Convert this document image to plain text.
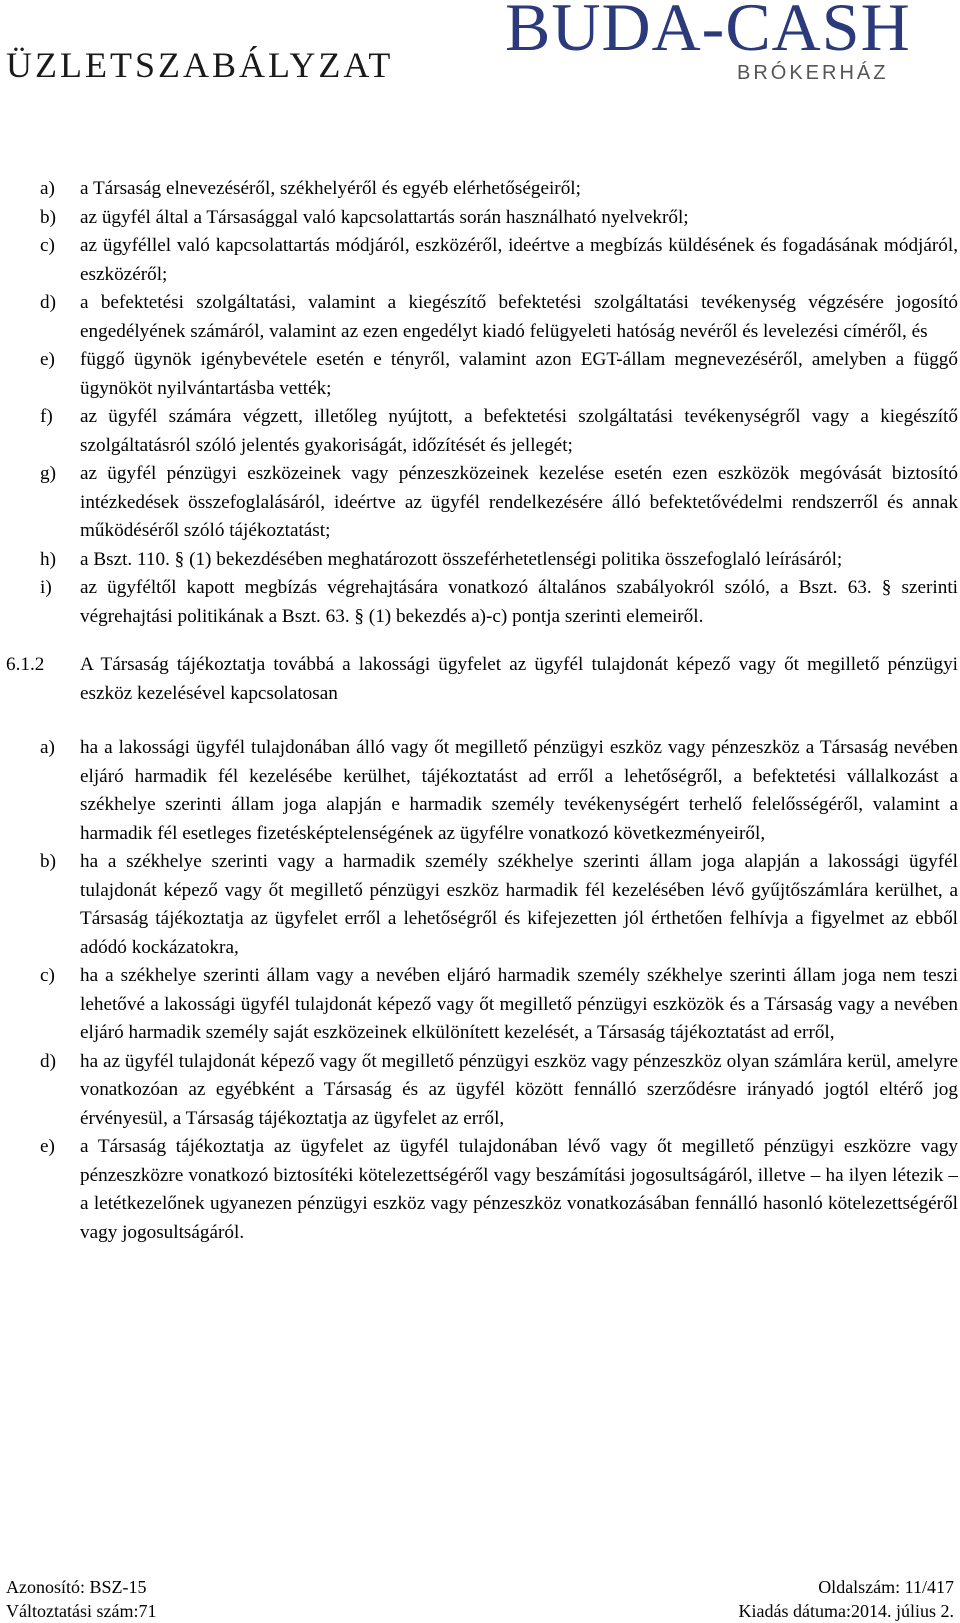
ÜZLETSZABÁLYZAT BUDA-CASH
BRÓKERHÁZ
a) a Társaság elnevezéséről, székhelyéről és egyéb elérhetőségeiről;
b) az ügyfél által a Társasággal való kapcsolattartás során használható nyelvekről;
c) az ügyféllel való kapcsolattartás módjáról, eszközéről, ideértve a megbízás küldésének és fogadásának módjáról, eszközéről;
d) a befektetési szolgáltatási, valamint a kiegészítő befektetési szolgáltatási tevékenység végzésére jogosító engedélyének számáról, valamint az ezen engedélyt kiadó felügyeleti hatóság nevéről és levelezési címéről, és
e) függő ügynök igénybevétele esetén e tényről, valamint azon EGT-állam megnevezéséről, amelyben a függő ügynököt nyilvántartásba vették;
f) az ügyfél számára végzett, illetőleg nyújtott, a befektetési szolgáltatási tevékenységről vagy a kiegészítő szolgáltatásról szóló jelentés gyakoriságát, időzítését és jellegét;
g) az ügyfél pénzügyi eszközeinek vagy pénzeszközeinek kezelése esetén ezen eszközök megóvását biztosító intézkedések összefoglalásáról, ideértve az ügyfél rendelkezésére álló befektetővédelmi rendszerről és annak működéséről szóló tájékoztatást;
h) a Bszt. 110. § (1) bekezdésében meghatározott összeférhetetlenségi politika összefoglaló leírásáról;
i) az ügyféltől kapott megbízás végrehajtására vonatkozó általános szabályokról szóló, a Bszt. 63. § szerinti végrehajtási politikának a Bszt. 63. § (1) bekezdés a)-c) pontja szerinti elemeiről.
6.1.2 A Társaság tájékoztatja továbbá a lakossági ügyfelet az ügyfél tulajdonát képező vagy őt megillető pénzügyi eszköz kezelésével kapcsolatosan
a) ha a lakossági ügyfél tulajdonában álló vagy őt megillető pénzügyi eszköz vagy pénzeszköz a Társaság nevében eljáró harmadik fél kezelésébe kerülhet, tájékoztatást ad erről a lehetőségről, a befektetési vállalkozást a székhelye szerinti állam joga alapján e harmadik személy tevékenységért terhelő felelősségéről, valamint a harmadik fél esetleges fizetésképtelenségének az ügyfélre vonatkozó következményeiről,
b) ha a székhelye szerinti vagy a harmadik személy székhelye szerinti állam joga alapján a lakossági ügyfél tulajdonát képező vagy őt megillető pénzügyi eszköz harmadik fél kezelésében lévő gyűjtőszámlára kerülhet, a Társaság tájékoztatja az ügyfelet erről a lehetőségről és kifejezetten jól érthetően felhívja a figyelmet az ebből adódó kockázatokra,
c) ha a székhelye szerinti állam vagy a nevében eljáró harmadik személy székhelye szerinti állam joga nem teszi lehetővé a lakossági ügyfél tulajdonát képező vagy őt megillető pénzügyi eszközök és a Társaság vagy a nevében eljáró harmadik személy saját eszközeinek elkülönített kezelését, a Társaság tájékoztatást ad erről,
d) ha az ügyfél tulajdonát képező vagy őt megillető pénzügyi eszköz vagy pénzeszköz olyan számlára kerül, amelyre vonatkozóan az egyébként a Társaság és az ügyfél között fennálló szerződésre irányadó jogtól eltérő jog érvényesül, a Társaság tájékoztatja az ügyfelet az erről,
e) a Társaság tájékoztatja az ügyfelet az ügyfél tulajdonában lévő vagy őt megillető pénzügyi eszközre vagy pénzeszközre vonatkozó biztosítéki kötelezettségéről vagy beszámítási jogosultságáról, illetve – ha ilyen létezik – a letétkezelőnek ugyanezen pénzügyi eszköz vagy pénzeszköz vonatkozásában fennálló hasonló kötelezettségéről vagy jogosultságáról.
Azonosító: BSZ-15	Oldalszám: 11/417
Változtatási szám:71	Kiadás dátuma:2014. július 2.
